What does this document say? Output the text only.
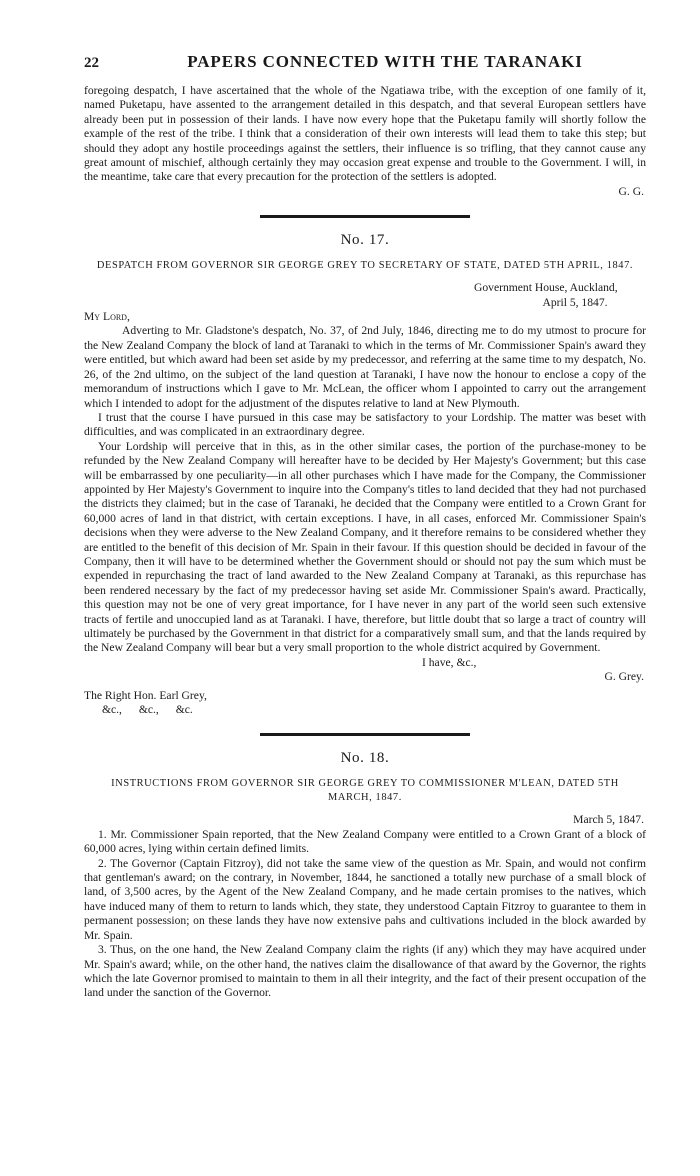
22	PAPERS CONNECTED WITH THE TARANAKI

foregoing despatch, I have ascertained that the whole of the Ngatiawa tribe, with the exception of one family of it, named Puketapu, have assented to the arrangement detailed in this despatch, and that several European settlers have already been put in possession of their lands. I have now every hope that the Puketapu family will shortly follow the example of the rest of the tribe. I think that a consideration of their own interests will lead them to take this step; but should they adopt any hostile proceedings against the settlers, their influence is so trifling, that they cannot cause any great amount of mischief, although certainly they may occasion great expense and trouble to the Government. I will, in the meantime, take care that every precaution for the protection of the settlers is adopted.

G. G.

No. 17.

DESPATCH FROM GOVERNOR SIR GEORGE GREY TO SECRETARY OF STATE, DATED 5TH APRIL, 1847.

Government House, Auckland,
April 5, 1847.

My Lord,

Adverting to Mr. Gladstone's despatch, No. 37, of 2nd July, 1846, directing me to do my utmost to procure for the New Zealand Company the block of land at Taranaki to which in the terms of Mr. Commissioner Spain's award they were entitled, but which award had been set aside by my predecessor, and referring at the same time to my despatch, No. 26, of the 2nd ultimo, on the subject of the land question at Taranaki, I have now the honour to enclose a copy of the memorandum of instructions which I gave to Mr. McLean, the officer whom I appointed to carry out the arrangement which I intended to adopt for the adjustment of the disputes relative to land at New Plymouth.

I trust that the course I have pursued in this case may be satisfactory to your Lordship. The matter was beset with difficulties, and was complicated in an extraordinary degree.

Your Lordship will perceive that in this, as in the other similar cases, the portion of the purchase-money to be refunded by the New Zealand Company will hereafter have to be decided by Her Majesty's Government; but this case will be embarrassed by one peculiarity—in all other purchases which I have made for the Company, the Commissioner appointed by Her Majesty's Government to inquire into the Company's titles to land decided that they had not purchased the districts they claimed; but in the case of Taranaki, he decided that the Company were entitled to a Crown Grant for 60,000 acres of land in that district, with certain exceptions. I have, in all cases, enforced Mr. Commissioner Spain's decisions when they were adverse to the New Zealand Company, and it therefore remains to be considered whether they are entitled to the benefit of this decision of Mr. Spain in their favour. If this question should be decided in favour of the Company, then it will have to be determined whether the Government should or should not pay the sum which must be expended in repurchasing the tract of land awarded to the New Zealand Company at Taranaki, as this repurchase has been rendered necessary by the fact of my predecessor having set aside Mr. Commissioner Spain's award. Practically, this question may not be one of very great importance, for I have never in any part of the world seen such extensive tracts of fertile and unoccupied land as at Taranaki. I have, therefore, but little doubt that so large a tract of country will ultimately be purchased by the Government in that district for a comparatively small sum, and that the lands required by the New Zealand Company will bear but a very small proportion to the whole district acquired by Government.

I have, &c.,

G. Grey.

The Right Hon. Earl Grey,
&c., &c., &c.
No. 18.

INSTRUCTIONS FROM GOVERNOR SIR GEORGE GREY TO COMMISSIONER M'LEAN, DATED 5TH MARCH, 1847.

March 5, 1847.

1. Mr. Commissioner Spain reported, that the New Zealand Company were entitled to a Crown Grant of a block of 60,000 acres, lying within certain defined limits.

2. The Governor (Captain Fitzroy), did not take the same view of the question as Mr. Spain, and would not confirm that gentleman's award; on the contrary, in November, 1844, he sanctioned a totally new purchase of a small block of land, of 3,500 acres, by the Agent of the New Zealand Company, and he made certain promises to the natives, which have induced many of them to return to lands which, they state, they understood Captain Fitzroy to guarantee to them in permanent possession; on these lands they have now extensive pahs and cultivations included in the block awarded by Mr. Spain.

3. Thus, on the one hand, the New Zealand Company claim the rights (if any) which they may have acquired under Mr. Spain's award; while, on the other hand, the natives claim the disallowance of that award by the Governor, the rights which the late Governor promised to maintain to them in all their integrity, and the fact of their present occupation of the land under the sanction of the Governor.
